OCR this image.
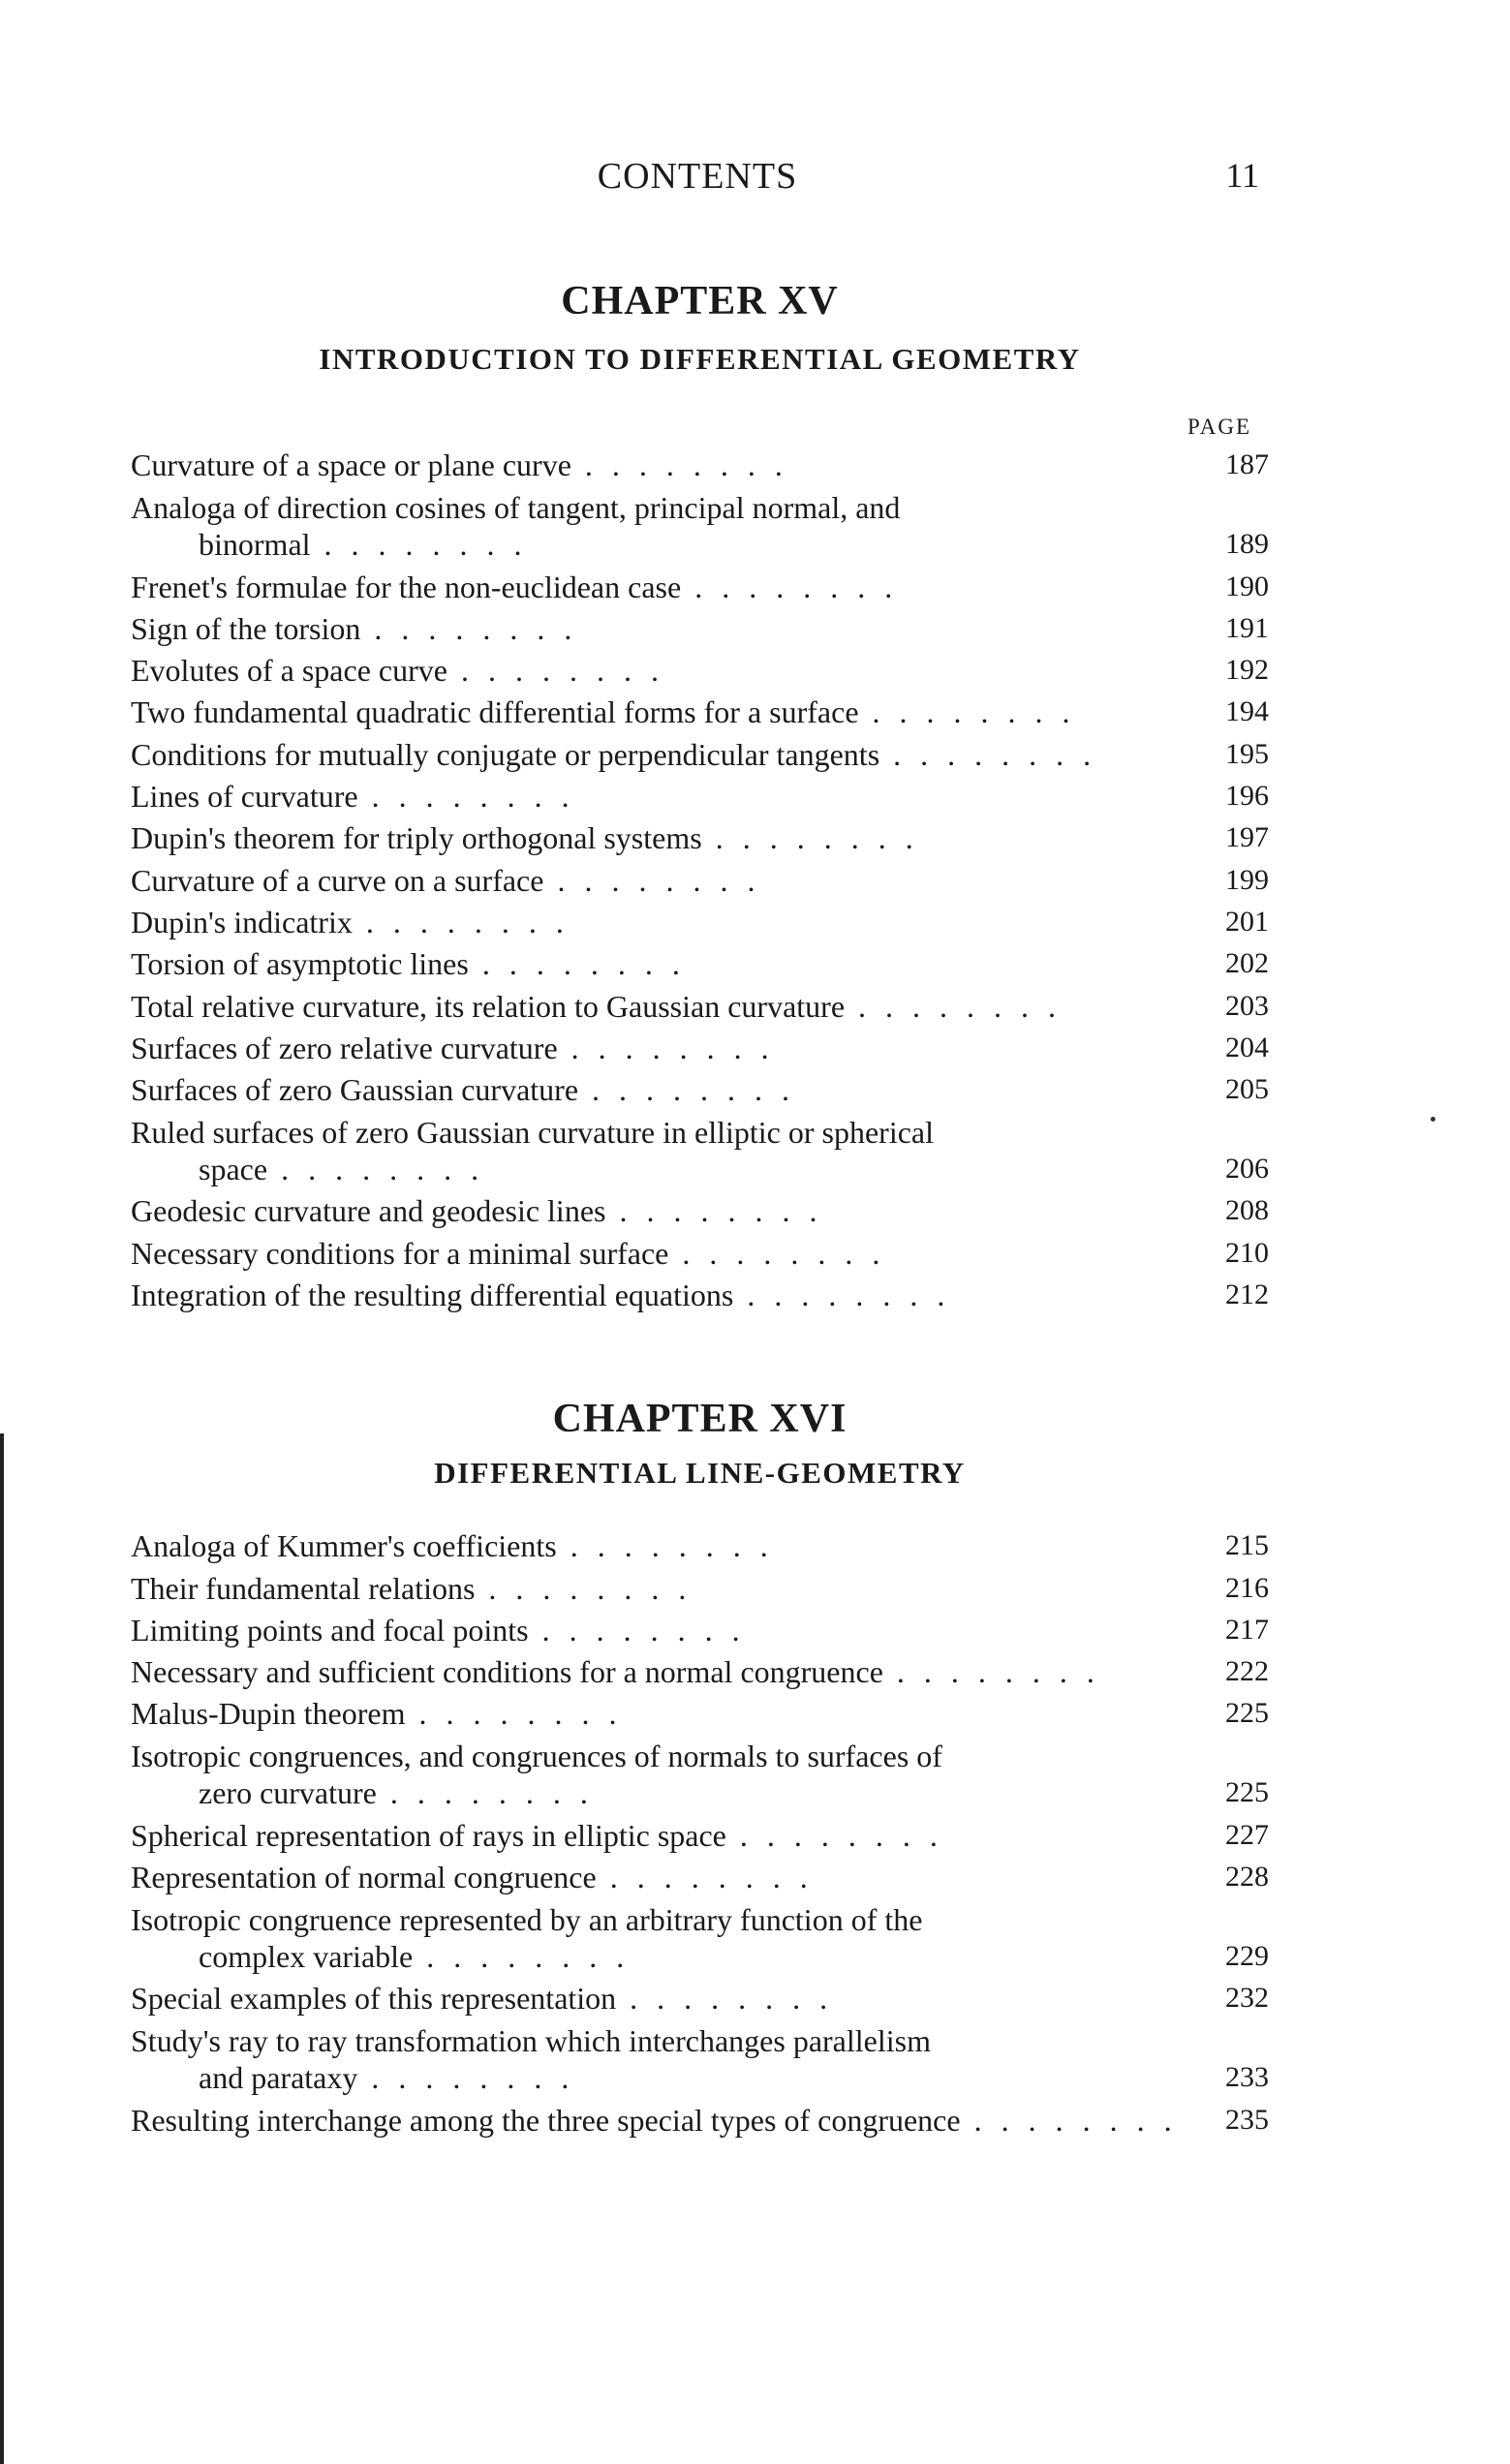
CONTENTS	11
CHAPTER XV
INTRODUCTION TO DIFFERENTIAL GEOMETRY
PAGE
Curvature of a space or plane curve . .	187
Analoga of direction cosines of tangent, principal normal, and
binormal . .	189
Frenet's formulae for the non-euclidean case . .	190
Sign of the torsion . .	191
Evolutes of a space curve . .	192
Two fundamental quadratic differential forms for a surface . .	194
Conditions for mutually conjugate or perpendicular tangents . .	195
Lines of curvature . .	196
Dupin's theorem for triply orthogonal systems . .	197
Curvature of a curve on a surface . .	199
Dupin's indicatrix . .	201
Torsion of asymptotic lines . .	202
Total relative curvature, its relation to Gaussian curvature . .	203
Surfaces of zero relative curvature . .	204
Surfaces of zero Gaussian curvature . .	205
Ruled surfaces of zero Gaussian curvature in elliptic or spherical
space . .	206
Geodesic curvature and geodesic lines . .	208
Necessary conditions for a minimal surface . .	210
Integration of the resulting differential equations . .	212
CHAPTER XVI
DIFFERENTIAL LINE-GEOMETRY
Analoga of Kummer's coefficients . .	215
Their fundamental relations . .	216
Limiting points and focal points . .	217
Necessary and sufficient conditions for a normal congruence . .	222
Malus-Dupin theorem . .	225
Isotropic congruences, and congruences of normals to surfaces of
zero curvature . .	225
Spherical representation of rays in elliptic space . .	227
Representation of normal congruence . .	228
Isotropic congruence represented by an arbitrary function of the
complex variable . .	229
Special examples of this representation . .	232
Study's ray to ray transformation which interchanges parallelism
and parataxy . .	233
Resulting interchange among the three special types of congruence . .	235
